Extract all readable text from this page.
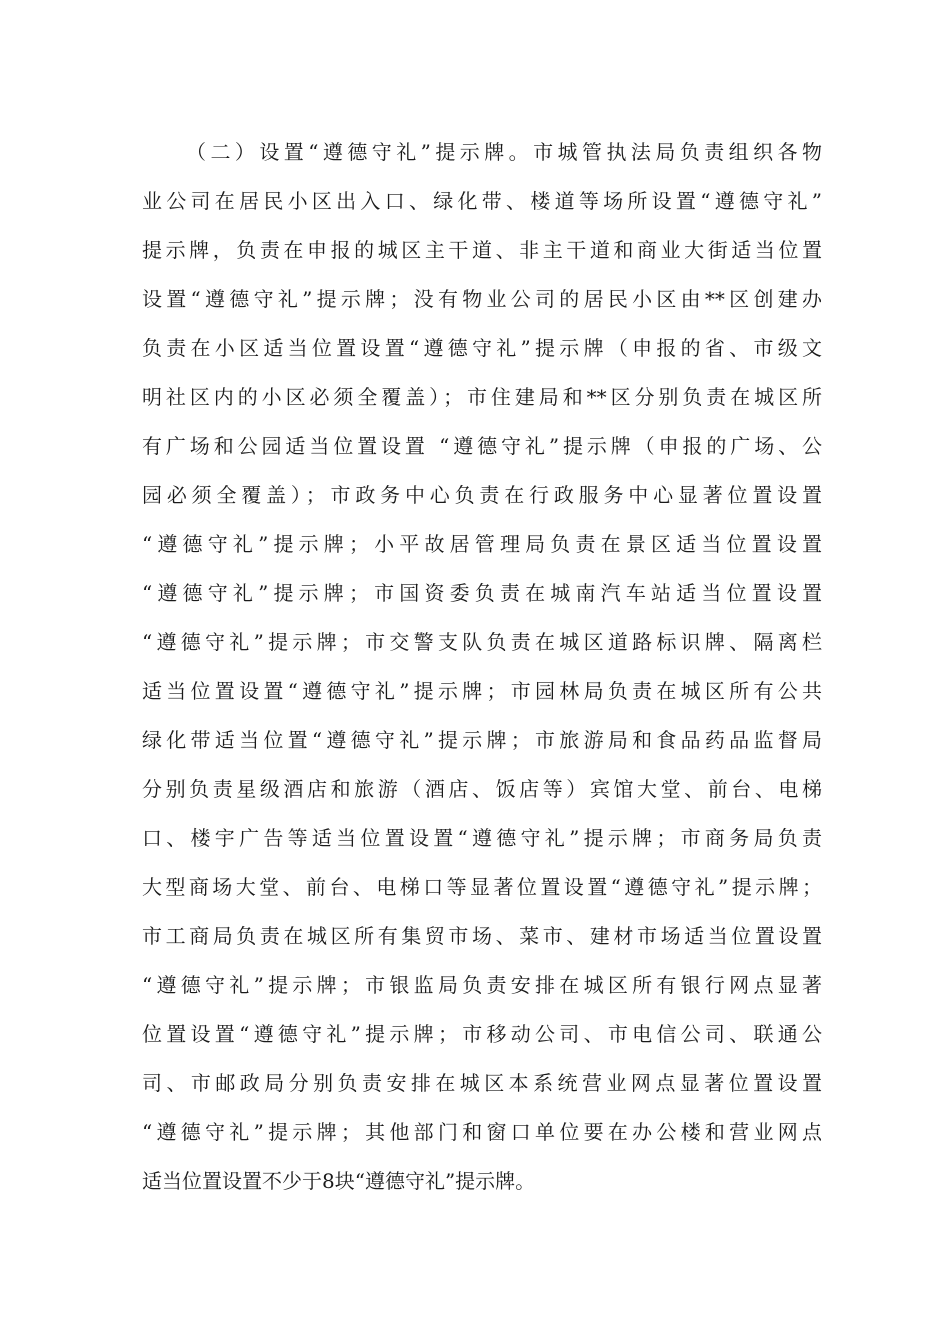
（二）设置“遵德守礼”提示牌。市城管执法局负责组织各物
业公司在居民小区出入口、绿化带、楼道等场所设置“遵德守礼”
提示牌，负责在申报的城区主干道、非主干道和商业大街适当位置
设置“遵德守礼”提示牌；没有物业公司的居民小区由**区创建办
负责在小区适当位置设置“遵德守礼”提示牌（申报的省、市级文
明社区内的小区必须全覆盖）；市住建局和**区分别负责在城区所
有广场和公园适当位置设置 “遵德守礼”提示牌（申报的广场、公
园必须全覆盖）；市政务中心负责在行政服务中心显著位置设置
“遵德守礼”提示牌；小平故居管理局负责在景区适当位置设置
“遵德守礼”提示牌；市国资委负责在城南汽车站适当位置设置
“遵德守礼”提示牌；市交警支队负责在城区道路标识牌、隔离栏
适当位置设置“遵德守礼”提示牌；市园林局负责在城区所有公共
绿化带适当位置“遵德守礼”提示牌；市旅游局和食品药品监督局
分别负责星级酒店和旅游（酒店、饭店等）宾馆大堂、前台、电梯
口、楼宇广告等适当位置设置“遵德守礼”提示牌；市商务局负责
大型商场大堂、前台、电梯口等显著位置设置“遵德守礼”提示牌；
市工商局负责在城区所有集贸市场、菜市、建材市场适当位置设置
“遵德守礼”提示牌；市银监局负责安排在城区所有银行网点显著
位置设置“遵德守礼”提示牌；市移动公司、市电信公司、联通公
司、市邮政局分别负责安排在城区本系统营业网点显著位置设置
“遵德守礼”提示牌；其他部门和窗口单位要在办公楼和营业网点
适当位置设置不少于8块“遵德守礼”提示牌。
